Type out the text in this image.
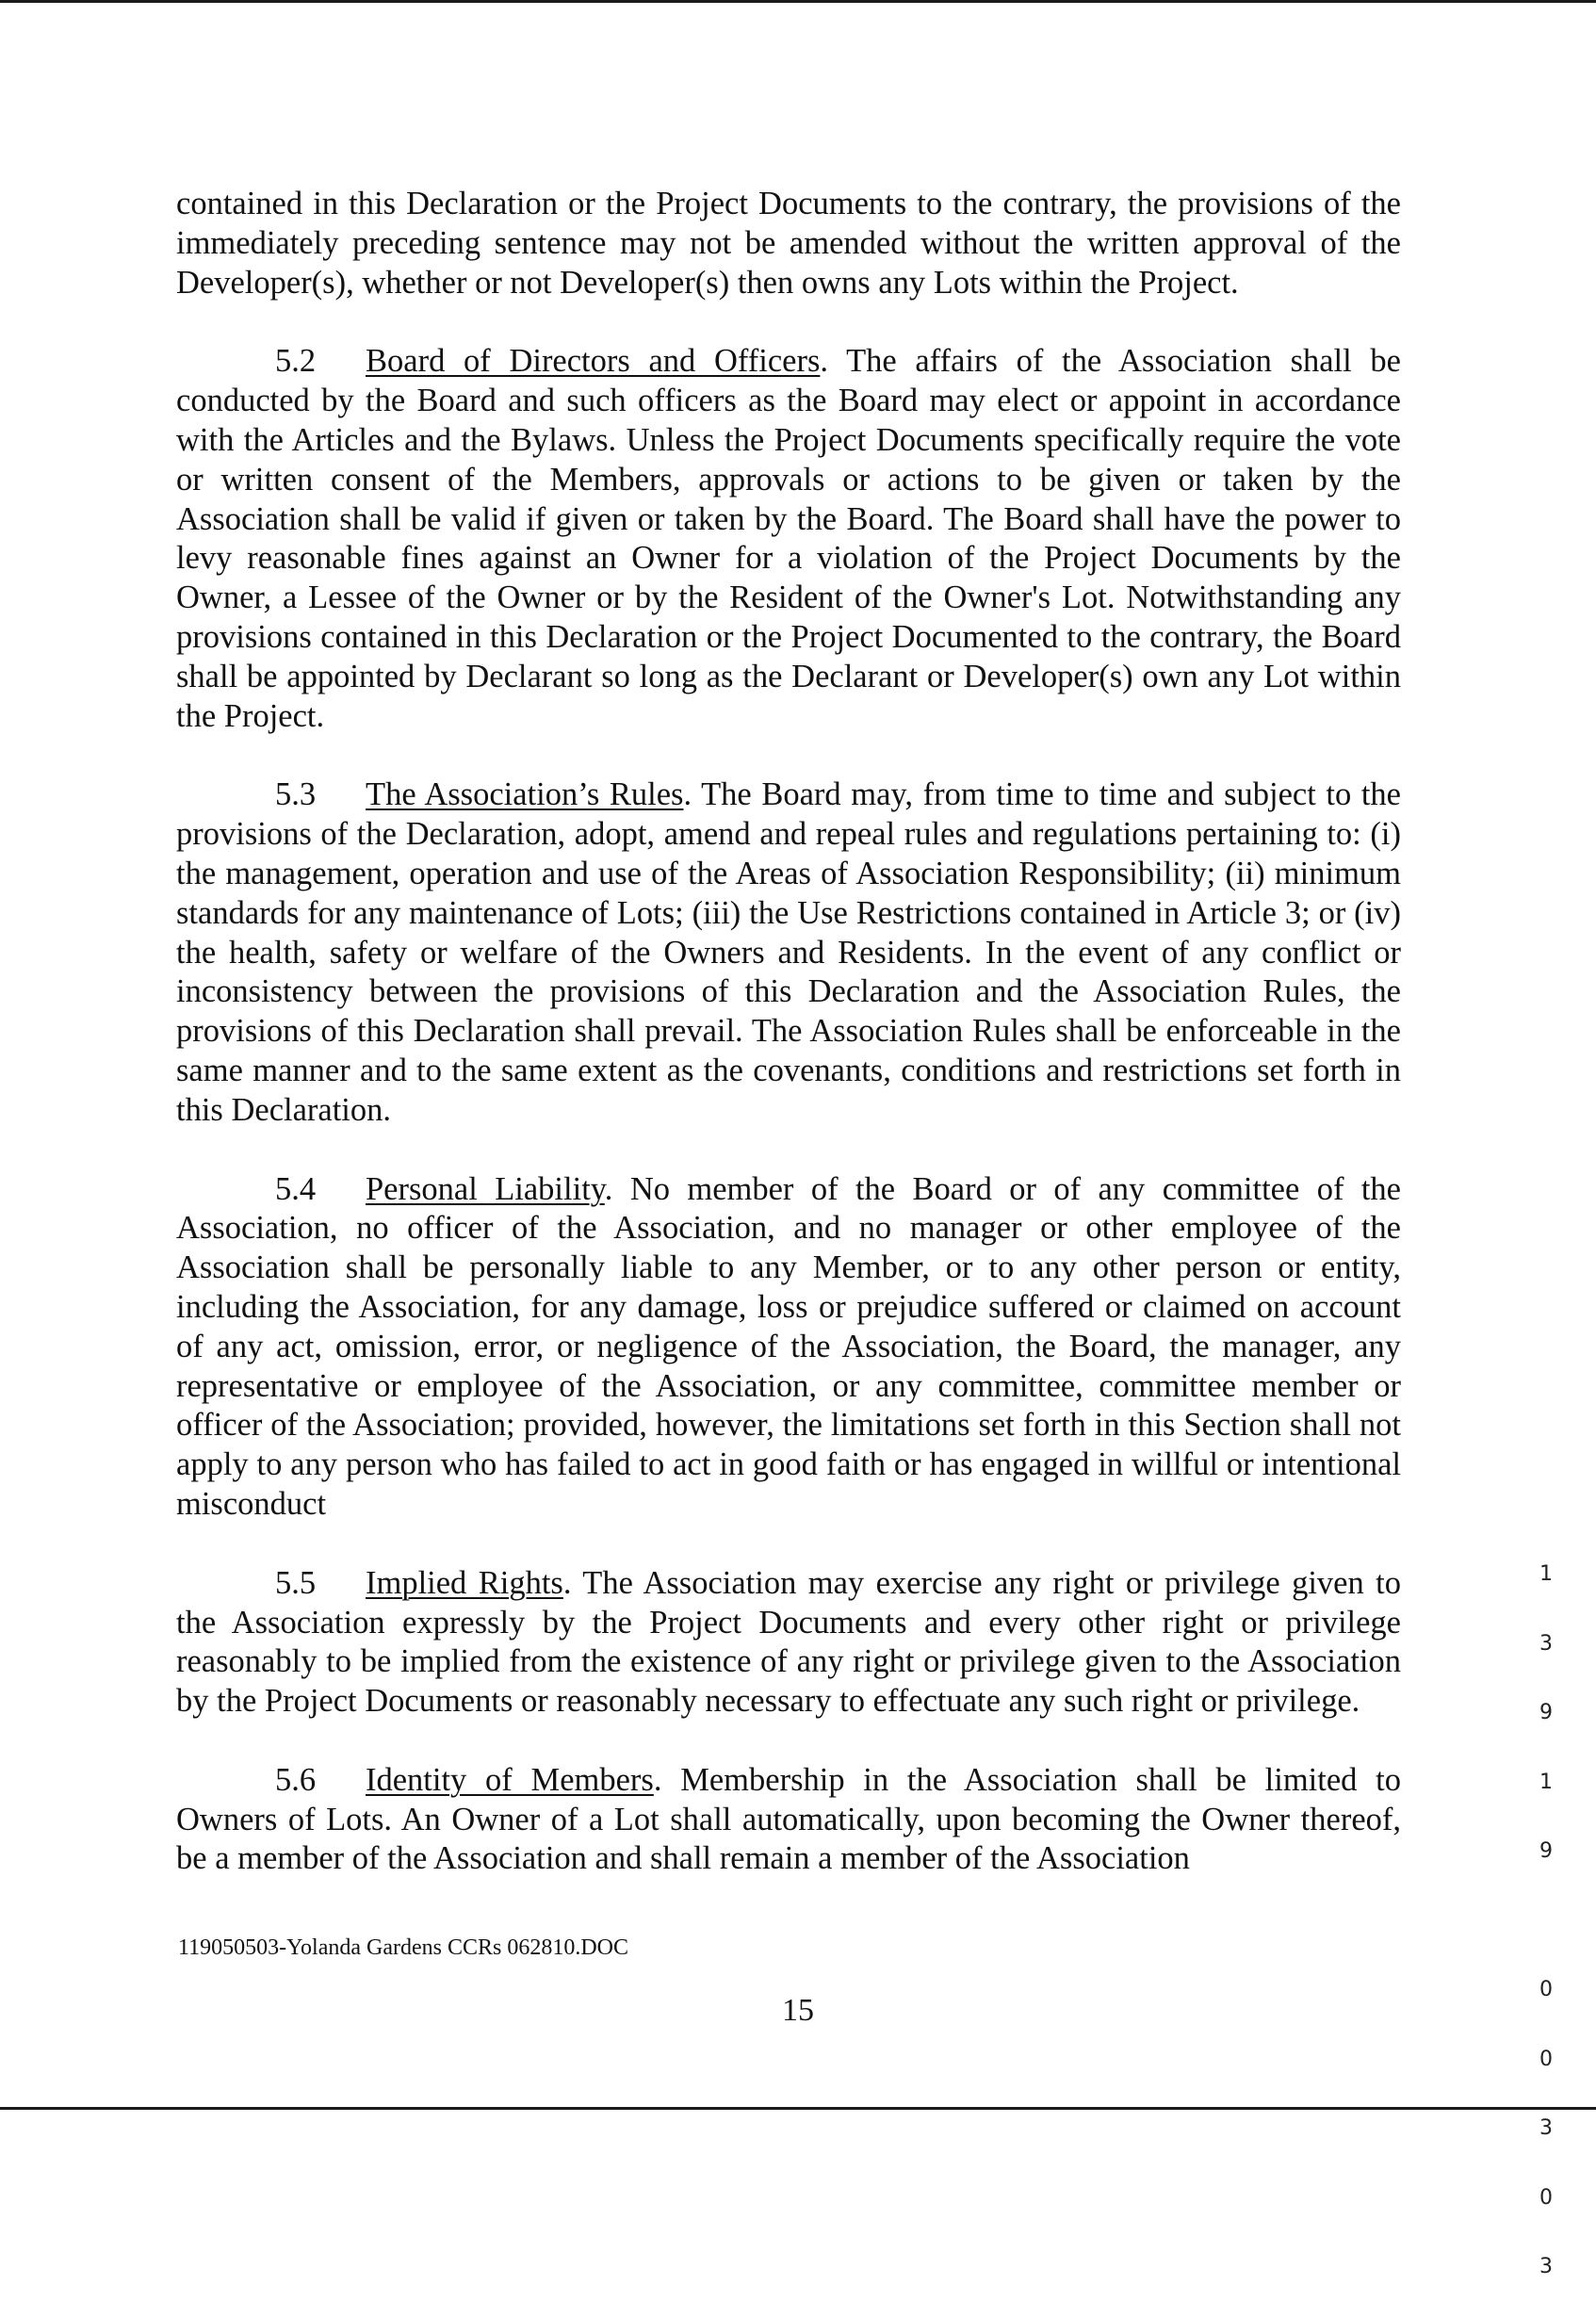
contained in this Declaration or the Project Documents to the contrary, the provisions of the immediately preceding sentence may not be amended without the written approval of the Developer(s), whether or not Developer(s) then owns any Lots within the Project.

5.2 Board of Directors and Officers. The affairs of the Association shall be conducted by the Board and such officers as the Board may elect or appoint in accordance with the Articles and the Bylaws. Unless the Project Documents specifically require the vote or written consent of the Members, approvals or actions to be given or taken by the Association shall be valid if given or taken by the Board. The Board shall have the power to levy reasonable fines against an Owner for a violation of the Project Documents by the Owner, a Lessee of the Owner or by the Resident of the Owner's Lot. Notwithstanding any provisions contained in this Declaration or the Project Documented to the contrary, the Board shall be appointed by Declarant so long as the Declarant or Developer(s) own any Lot within the Project.

5.3 The Association’s Rules. The Board may, from time to time and subject to the provisions of the Declaration, adopt, amend and repeal rules and regulations pertaining to: (i) the management, operation and use of the Areas of Association Responsibility; (ii) minimum standards for any maintenance of Lots; (iii) the Use Restrictions contained in Article 3; or (iv) the health, safety or welfare of the Owners and Residents. In the event of any conflict or inconsistency between the provisions of this Declaration and the Association Rules, the provisions of this Declaration shall prevail. The Association Rules shall be enforceable in the same manner and to the same extent as the covenants, conditions and restrictions set forth in this Declaration.

5.4 Personal Liability. No member of the Board or of any committee of the Association, no officer of the Association, and no manager or other employee of the Association shall be personally liable to any Member, or to any other person or entity, including the Association, for any damage, loss or prejudice suffered or claimed on account of any act, omission, error, or negligence of the Association, the Board, the manager, any representative or employee of the Association, or any committee, committee member or officer of the Association; provided, however, the limitations set forth in this Section shall not apply to any person who has failed to act in good faith or has engaged in willful or intentional misconduct

5.5 Implied Rights. The Association may exercise any right or privilege given to the Association expressly by the Project Documents and every other right or privilege reasonably to be implied from the existence of any right or privilege given to the Association by the Project Documents or reasonably necessary to effectuate any such right or privilege.

5.6 Identity of Members. Membership in the Association shall be limited to Owners of Lots. An Owner of a Lot shall automatically, upon becoming the Owner thereof, be a member of the Association and shall remain a member of the Association

1

3

9

1

9

0

0

3

0

3

119050503-Yolanda Gardens CCRs 062810.DOC
15
